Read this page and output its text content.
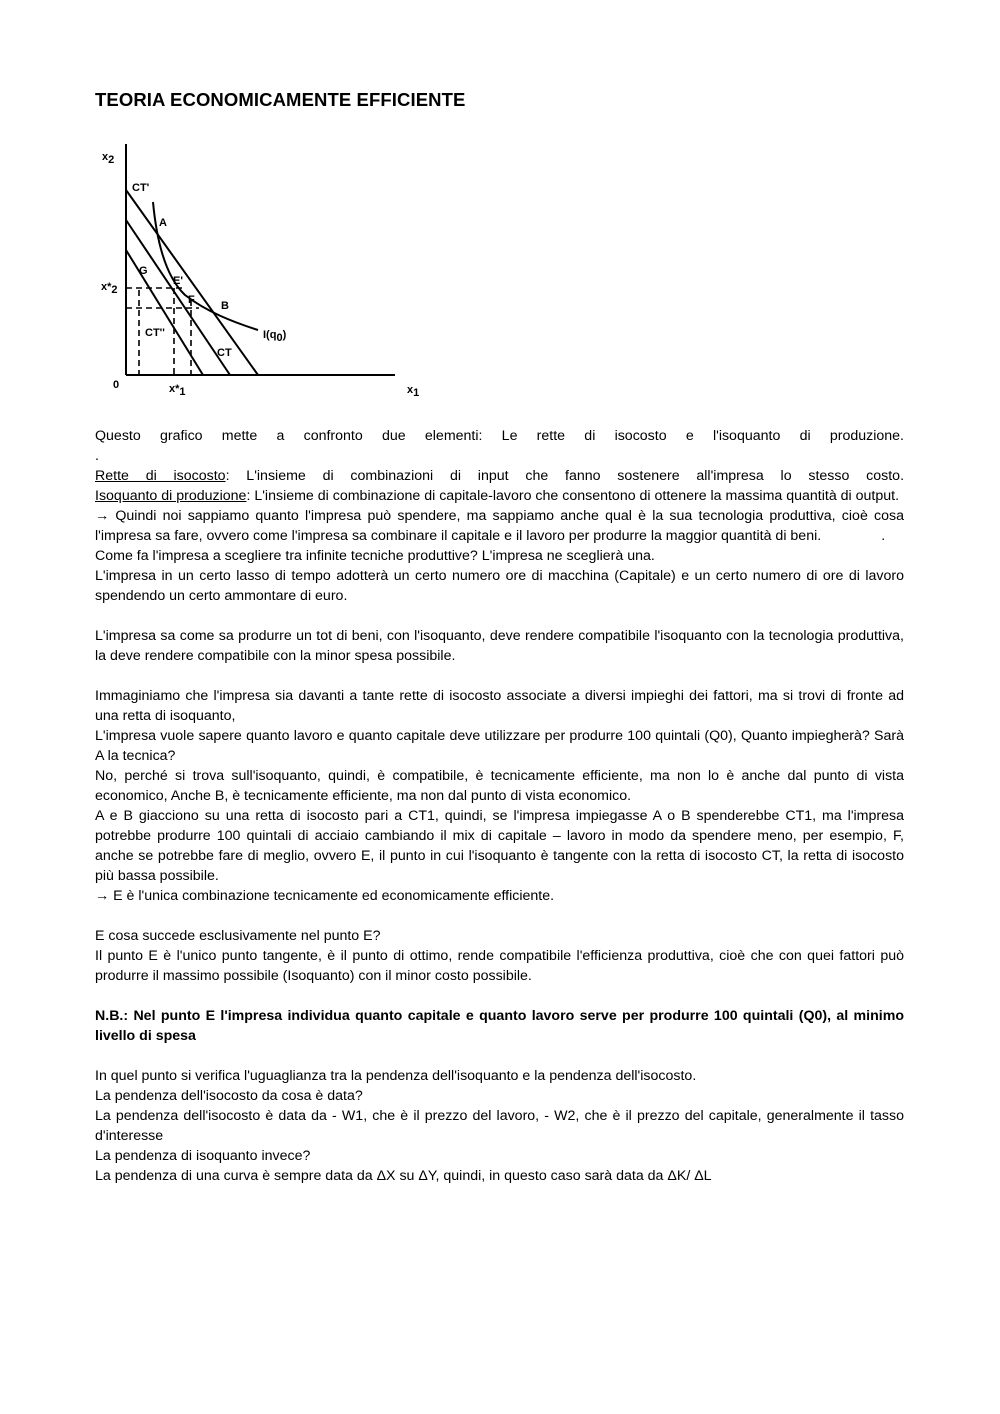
TEORIA ECONOMICAMENTE EFFICIENTE
x2
x1
0
CT'
A
G
E'
F B
CT''
CT
I(q0)
x*2
x*1

Questo grafico mette a confronto due elementi: Le rette di isocosto e l'isoquanto di produzione.

.

Rette di isocosto: L'insieme di combinazioni di input che fanno sostenere all'impresa lo stesso costo.

Isoquanto di produzione: L'insieme di combinazione di capitale-lavoro che consentono di ottenere la massima quantità di output.

→ Quindi noi sappiamo quanto l'impresa può spendere, ma sappiamo anche qual è la sua tecnologia produttiva, cioè cosa l'impresa sa fare, ovvero come l'impresa sa combinare il capitale e il lavoro per produrre la maggior quantità di beni.	.

Come fa l'impresa a scegliere tra infinite tecniche produttive? L'impresa ne sceglierà una.

L'impresa in un certo lasso di tempo adotterà un certo numero ore di macchina (Capitale) e un certo numero di ore di lavoro spendendo un certo ammontare di euro.

L'impresa sa come sa produrre un tot di beni, con l'isoquanto, deve rendere compatibile l'isoquanto con la tecnologia produttiva, la deve rendere compatibile con la minor spesa possibile.

Immaginiamo che l'impresa sia davanti a tante rette di isocosto associate a diversi impieghi dei fattori, ma si trovi di fronte ad una retta di isoquanto,

L'impresa vuole sapere quanto lavoro e quanto capitale deve utilizzare per produrre 100 quintali (Q0), Quanto impiegherà? Sarà A la tecnica?

No, perché si trova sull'isoquanto, quindi, è compatibile, è tecnicamente efficiente, ma non lo è anche dal punto di vista economico, Anche B, è tecnicamente efficiente, ma non dal punto di vista economico.

A e B giacciono su una retta di isocosto pari a CT1, quindi, se l'impresa impiegasse A o B spenderebbe CT1, ma l'impresa potrebbe produrre 100 quintali di acciaio cambiando il mix di capitale – lavoro in modo da spendere meno, per esempio, F, anche se potrebbe fare di meglio, ovvero E, il punto in cui l'isoquanto è tangente con la retta di isocosto CT, la retta di isocosto più bassa possibile.

→ E è l'unica combinazione tecnicamente ed economicamente efficiente.

E cosa succede esclusivamente nel punto E?

Il punto E è l'unico punto tangente, è il punto di ottimo, rende compatibile l'efficienza produttiva, cioè che con quei fattori può produrre il massimo possibile (Isoquanto) con il minor costo possibile.

N.B.: Nel punto E l'impresa individua quanto capitale e quanto lavoro serve per produrre 100 quintali (Q0), al minimo livello di spesa

In quel punto si verifica l'uguaglianza tra la pendenza dell'isoquanto e la pendenza dell'isocosto.

La pendenza dell'isocosto da cosa è data?

La pendenza dell'isocosto è data da - W1, che è il prezzo del lavoro, - W2, che è il prezzo del capitale, generalmente il tasso d'interesse

La pendenza di isoquanto invece?

La pendenza di una curva è sempre data da ΔX su ΔY, quindi, in questo caso sarà data da ΔK/ ΔL
